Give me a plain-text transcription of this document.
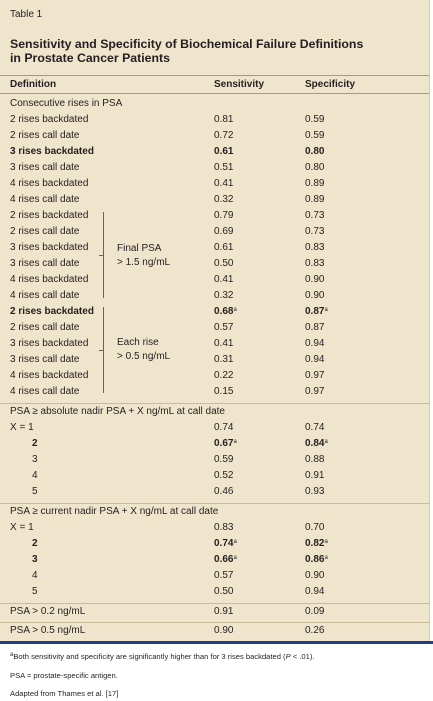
Table 1
Sensitivity and Specificity of Biochemical Failure Definitions
in Prostate Cancer Patients
Definition	Sensitivity	Specificity
Consecutive rises in PSA
2 rises backdated	0.81	0.59
2 rises call date	0.72	0.59
3 rises backdated	0.61	0.80
3 rises call date	0.51	0.80
4 rises backdated	0.41	0.89
4 rises call date	0.32	0.89
2 rises backdated	0.79	0.73
2 rises call date	0.69	0.73
3 rises backdated	0.61	0.83
3 rises call date	0.50	0.83
4 rises backdated	0.41	0.90
4 rises call date	0.32	0.90
2 rises backdated	0.68$^a$	0.87$^a$
2 rises call date	0.57	0.87
3 rises backdated	0.41	0.94
3 rises call date	0.31	0.94
4 rises backdated	0.22	0.97
4 rises call date	0.15	0.97
Final PSA
> 1.5 ng/mL
Each rise
> 0.5 ng/mL
PSA ≥ absolute nadir PSA + X ng/mL at call date
X = 1	0.74	0.74
2	0.67$^a$	0.84$^a$
3	0.59	0.88
4	0.52	0.91
5	0.46	0.93
PSA ≥ current nadir PSA + X ng/mL at call date
X = 1	0.83	0.70
2	0.74$^a$	0.82$^a$
3	0.66$^a$	0.86$^a$
4	0.57	0.90
5	0.50	0.94
PSA > 0.2 ng/mL	0.91	0.09
PSA > 0.5 ng/mL	0.90	0.26
$^a$Both sensitivity and specificity are significantly higher than for 3 rises backdated (P < .01).
PSA = prostate-specific antigen.
Adapted from Thames et al. [17]
